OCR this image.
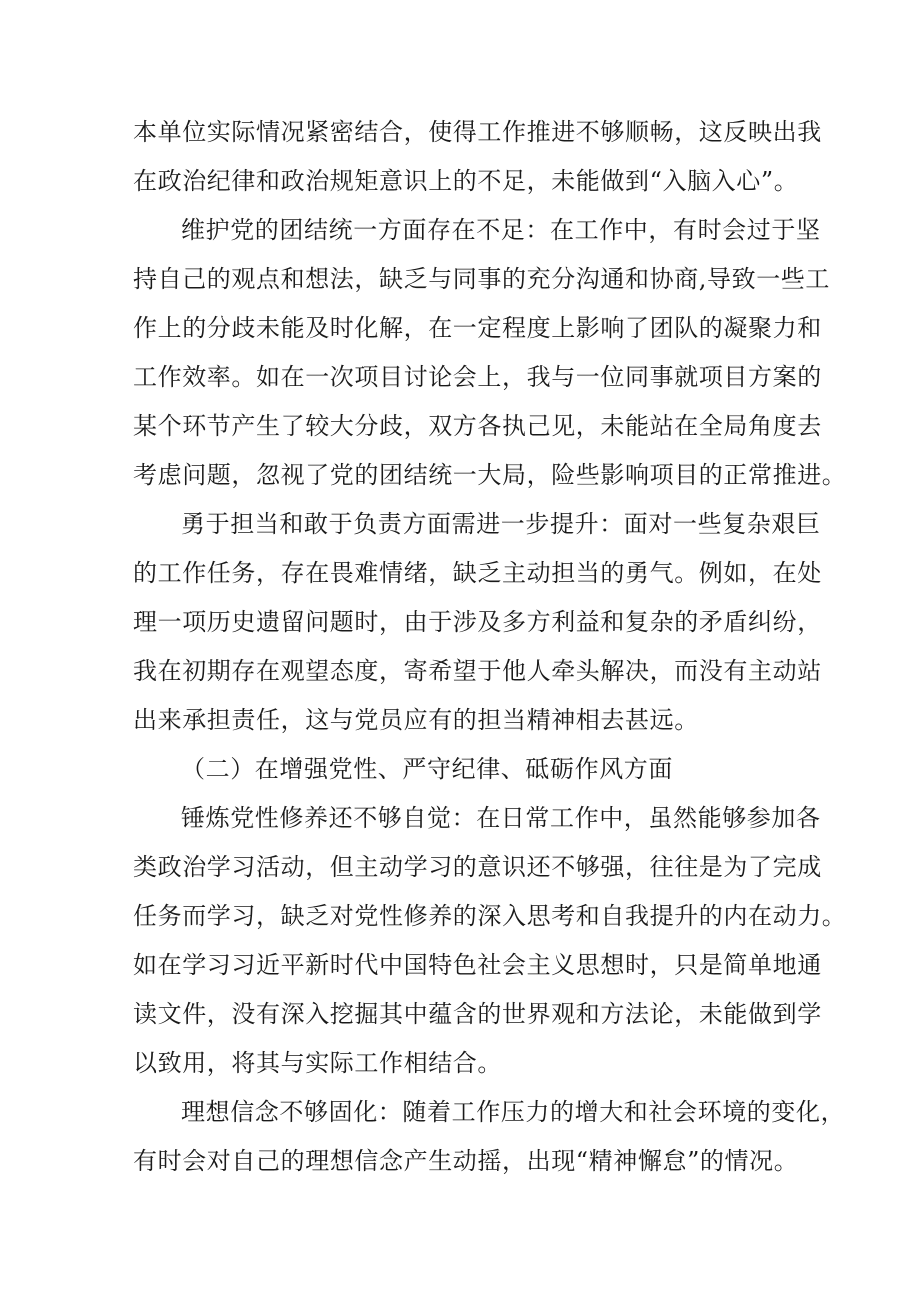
本单位实际情况紧密结合，使得工作推进不够顺畅，这反映出我
在政治纪律和政治规矩意识上的不足，未能做到“入脑入心”。
维护党的团结统一方面存在不足：在工作中，有时会过于坚
持自己的观点和想法，缺乏与同事的充分沟通和协商,导致一些工
作上的分歧未能及时化解，在一定程度上影响了团队的凝聚力和
工作效率。如在一次项目讨论会上，我与一位同事就项目方案的
某个环节产生了较大分歧，双方各执己见，未能站在全局角度去
考虑问题，忽视了党的团结统一大局，险些影响项目的正常推进。
勇于担当和敢于负责方面需进一步提升：面对一些复杂艰巨
的工作任务，存在畏难情绪，缺乏主动担当的勇气。例如，在处
理一项历史遗留问题时，由于涉及多方利益和复杂的矛盾纠纷，
我在初期存在观望态度，寄希望于他人牵头解决，而没有主动站
出来承担责任，这与党员应有的担当精神相去甚远。
（二）在增强党性、严守纪律、砥砺作风方面
锤炼党性修养还不够自觉：在日常工作中，虽然能够参加各
类政治学习活动，但主动学习的意识还不够强，往往是为了完成
任务而学习，缺乏对党性修养的深入思考和自我提升的内在动力。
如在学习习近平新时代中国特色社会主义思想时，只是简单地通
读文件，没有深入挖掘其中蕴含的世界观和方法论，未能做到学
以致用，将其与实际工作相结合。
理想信念不够固化：随着工作压力的增大和社会环境的变化，
有时会对自己的理想信念产生动摇，出现“精神懈怠”的情况。
